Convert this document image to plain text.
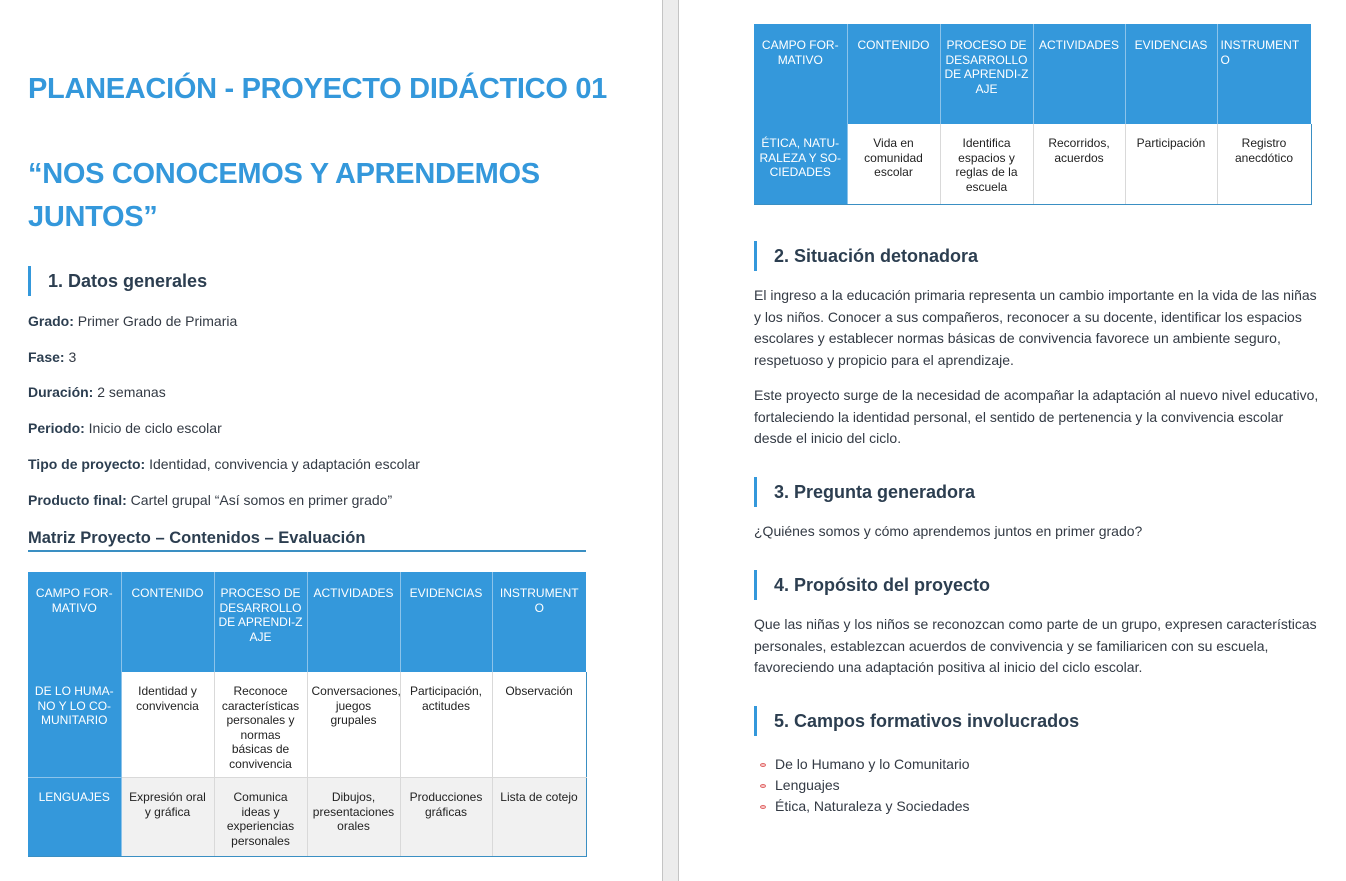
PLANEACIÓN - PROYECTO DIDÁCTICO 01
“NOS CONOCEMOS Y APRENDEMOS JUNTOS”
1. Datos generales

Grado: Primer Grado de Primaria

Fase: 3

Duración: 2 semanas

Periodo: Inicio de ciclo escolar

Tipo de proyecto: Identidad, convivencia y adaptación escolar

Producto final: Cartel grupal “Así somos en primer grado”

Matriz Proyecto – Contenidos – Evaluación
CAMPO FOR-MATIVO	CONTENIDO	PROCESO DE DESARROLLO DE APRENDI-ZAJE	ACTIVIDADES	EVIDENCIAS	INSTRUMENTO
DE LO HUMA-NO Y LO CO-MUNITARIO	Identidad y convivencia	Reconoce características personales y normas básicas de convivencia	Conversaciones, juegos grupales	Participación, actitudes	Observación
LENGUAJES	Expresión oral y gráfica	Comunica ideas y experiencias personales	Dibujos, presentaciones orales	Producciones gráficas	Lista de cotejo
CAMPO FOR-MATIVO	CONTENIDO	PROCESO DE DESARROLLO DE APRENDI-ZAJE	ACTIVIDADES	EVIDENCIAS	INSTRUMENTO
ÉTICA, NATU-RALEZA Y SO-CIEDADES	Vida en comunidad escolar	Identifica espacios y reglas de la escuela	Recorridos, acuerdos	Participación	Registro anecdótico
2. Situación detonadora

El ingreso a la educación primaria representa un cambio importante en la vida de las niñas y los niños. Conocer a sus compañeros, reconocer a su docente, identificar los espacios escolares y establecer normas básicas de convivencia favorece un ambiente seguro, respetuoso y propicio para el aprendizaje.

Este proyecto surge de la necesidad de acompañar la adaptación al nuevo nivel educativo, fortaleciendo la identidad personal, el sentido de pertenencia y la convivencia escolar desde el inicio del ciclo.

3. Pregunta generadora

¿Quiénes somos y cómo aprendemos juntos en primer grado?

4. Propósito del proyecto

Que las niñas y los niños se reconozcan como parte de un grupo, expresen características personales, establezcan acuerdos de convivencia y se familiaricen con su escuela, favoreciendo una adaptación positiva al inicio del ciclo escolar.

5. Campos formativos involucrados
De lo Humano y lo Comunitario
Lenguajes
Ética, Naturaleza y Sociedades
